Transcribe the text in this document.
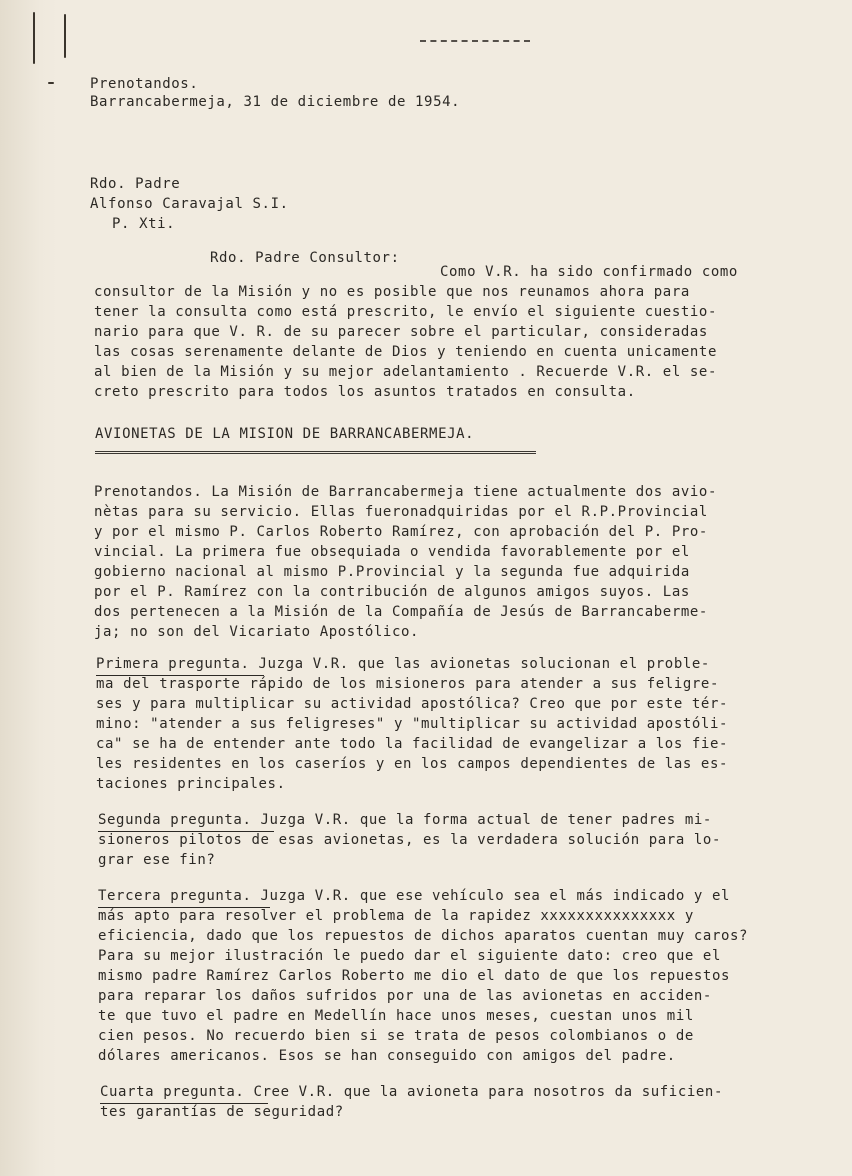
Prenotandos.
Barrancabermeja, 31 de diciembre de 1954.
Rdo. Padre
Alfonso Caravajal S.I.
P. Xti.
Rdo. Padre Consultor:
Como V.R. ha sido confirmado como
consultor de la Misión y no es posible que nos reunamos ahora para
tener la consulta como está prescrito, le envío el siguiente cuestio-
nario para que V. R. de su parecer sobre el particular, consideradas
las cosas serenamente delante de Dios y teniendo en cuenta unicamente
al bien de la Misión y su mejor adelantamiento . Recuerde V.R. el se-
creto prescrito para todos los asuntos tratados en consulta.
AVIONETAS DE LA MISION DE BARRANCABERMEJA.
Prenotandos. La Misión de Barrancabermeja tiene actualmente dos avio-
nètas para su servicio. Ellas fueronadquiridas por el R.P.Provincial
y por el mismo P. Carlos Roberto Ramírez, con aprobación del P. Pro-
vincial. La primera fue obsequiada o vendida favorablemente por el
gobierno nacional al mismo P.Provincial y la segunda fue adquirida
por el P. Ramírez con la contribución de algunos amigos suyos. Las
dos pertenecen a la Misión de la Compañía de Jesús de Barrancaberme-
ja; no son del Vicariato Apostólico.
Primera pregunta. Juzga V.R. que las avionetas solucionan el proble-
ma del trasporte rápido de los misioneros para atender a sus feligre-
ses y para multiplicar su actividad apostólica? Creo que por este tér-
mino: "atender a sus feligreses" y "multiplicar su actividad apostóli-
ca" se ha de entender ante todo la facilidad de evangelizar a los fie-
les residentes en los caseríos y en los campos dependientes de las es-
taciones principales.
Segunda pregunta. Juzga V.R. que la forma actual de tener padres mi-
sioneros pilotos de esas avionetas, es la verdadera solución para lo-
grar ese fin?
Tercera pregunta. Juzga V.R. que ese vehículo sea el más indicado y el
más apto para resolver el problema de la rapidez xxxxxxxxxxxxxxx y
eficiencia, dado que los repuestos de dichos aparatos cuentan muy caros?
Para su mejor ilustración le puedo dar el siguiente dato: creo que el
mismo padre Ramírez Carlos Roberto me dio el dato de que los repuestos
para reparar los daños sufridos por una de las avionetas en acciden-
te que tuvo el padre en Medellín hace unos meses, cuestan unos mil
cien pesos. No recuerdo bien si se trata de pesos colombianos o de
dólares americanos. Esos se han conseguido con amigos del padre.
Cuarta pregunta. Cree V.R. que la avioneta para nosotros da suficien-
tes garantías de seguridad?
